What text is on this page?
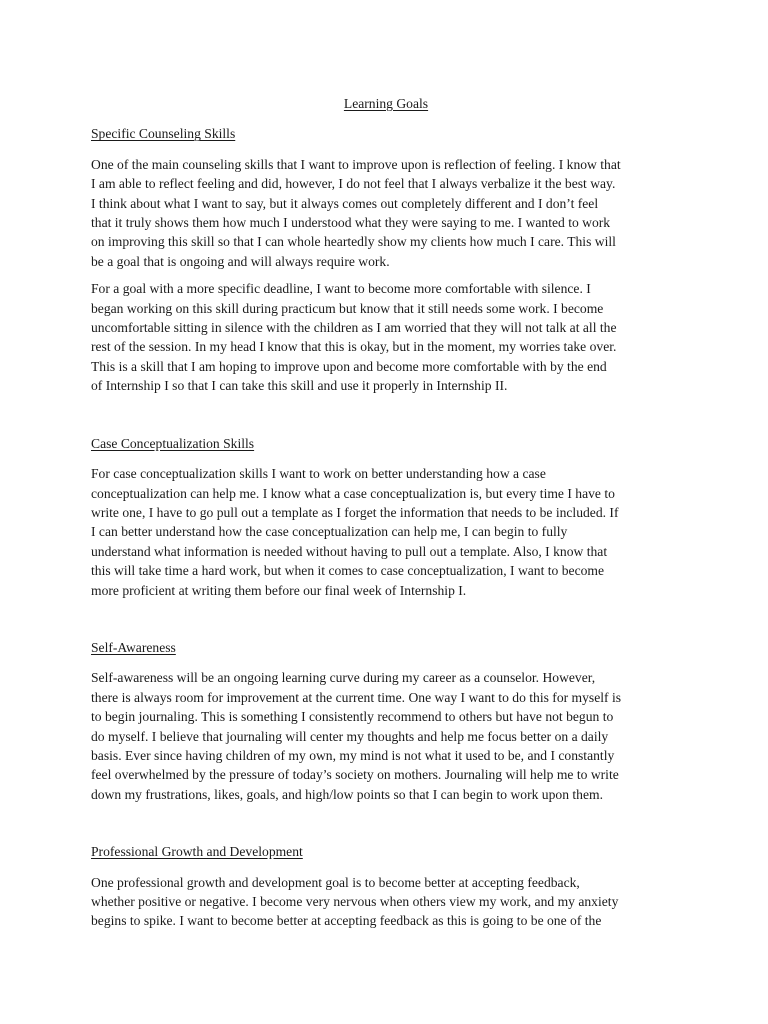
Learning Goals
Specific Counseling Skills
One of the main counseling skills that I want to improve upon is reflection of feeling. I know that
I am able to reflect feeling and did, however, I do not feel that I always verbalize it the best way.
I think about what I want to say, but it always comes out completely different and I don’t feel
that it truly shows them how much I understood what they were saying to me. I wanted to work
on improving this skill so that I can whole heartedly show my clients how much I care. This will
be a goal that is ongoing and will always require work.
For a goal with a more specific deadline, I want to become more comfortable with silence. I
began working on this skill during practicum but know that it still needs some work. I become
uncomfortable sitting in silence with the children as I am worried that they will not talk at all the
rest of the session. In my head I know that this is okay, but in the moment, my worries take over.
This is a skill that I am hoping to improve upon and become more comfortable with by the end
of Internship I so that I can take this skill and use it properly in Internship II.
Case Conceptualization Skills
For case conceptualization skills I want to work on better understanding how a case
conceptualization can help me. I know what a case conceptualization is, but every time I have to
write one, I have to go pull out a template as I forget the information that needs to be included. If
I can better understand how the case conceptualization can help me, I can begin to fully
understand what information is needed without having to pull out a template. Also, I know that
this will take time a hard work, but when it comes to case conceptualization, I want to become
more proficient at writing them before our final week of Internship I.
Self-Awareness
Self-awareness will be an ongoing learning curve during my career as a counselor. However,
there is always room for improvement at the current time. One way I want to do this for myself is
to begin journaling. This is something I consistently recommend to others but have not begun to
do myself. I believe that journaling will center my thoughts and help me focus better on a daily
basis. Ever since having children of my own, my mind is not what it used to be, and I constantly
feel overwhelmed by the pressure of today’s society on mothers. Journaling will help me to write
down my frustrations, likes, goals, and high/low points so that I can begin to work upon them.
Professional Growth and Development
One professional growth and development goal is to become better at accepting feedback,
whether positive or negative. I become very nervous when others view my work, and my anxiety
begins to spike. I want to become better at accepting feedback as this is going to be one of the
